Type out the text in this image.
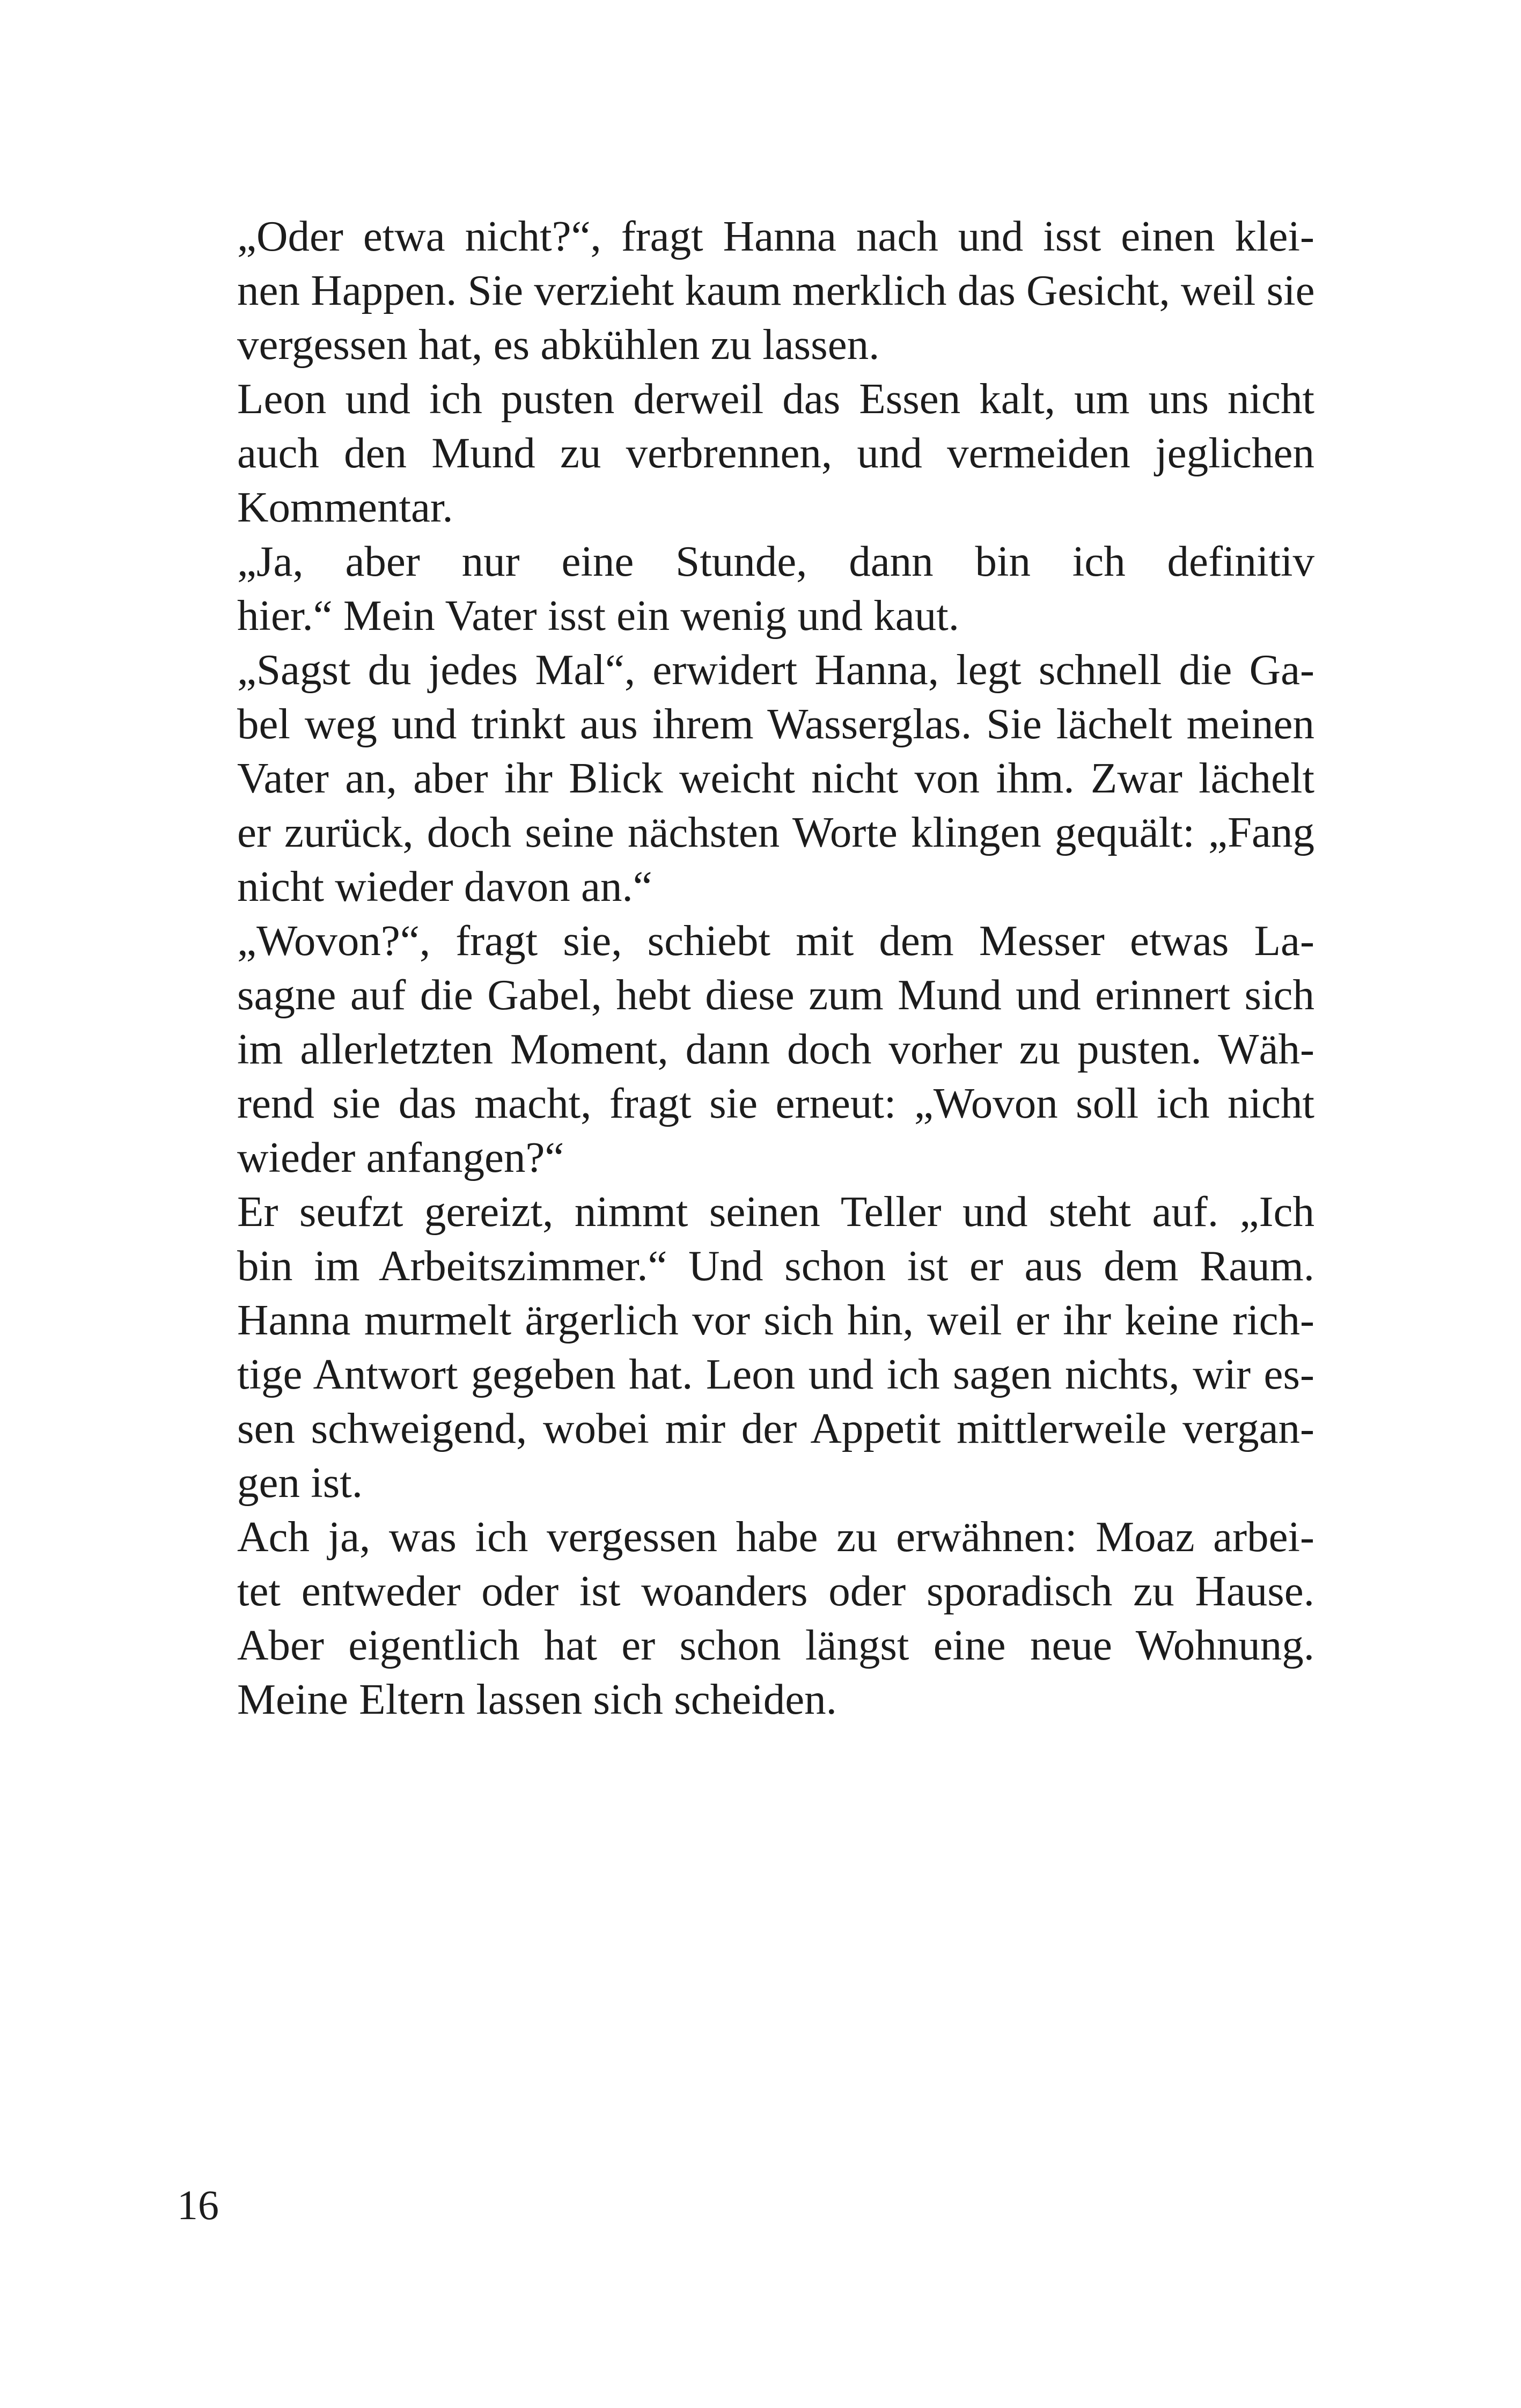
„Oder etwa nicht?“, fragt Hanna nach und isst einen klei-
nen Happen. Sie verzieht kaum merklich das Gesicht, weil sie
vergessen hat, es abkühlen zu lassen.

Leon und ich pusten derweil das Essen kalt, um uns nicht
auch den Mund zu verbrennen, und vermeiden jeglichen
Kommentar.

„Ja, aber nur eine Stunde, dann bin ich definitiv
hier.“ Mein Vater isst ein wenig und kaut.

„Sagst du jedes Mal“, erwidert Hanna, legt schnell die Ga-
bel weg und trinkt aus ihrem Wasserglas. Sie lächelt meinen
Vater an, aber ihr Blick weicht nicht von ihm. Zwar lächelt
er zurück, doch seine nächsten Worte klingen gequält: „Fang
nicht wieder davon an.“

„Wovon?“, fragt sie, schiebt mit dem Messer etwas La-
sagne auf die Gabel, hebt diese zum Mund und erinnert sich
im allerletzten Moment, dann doch vorher zu pusten. Wäh-
rend sie das macht, fragt sie erneut: „Wovon soll ich nicht
wieder anfangen?“

Er seufzt gereizt, nimmt seinen Teller und steht auf. „Ich
bin im Arbeitszimmer.“ Und schon ist er aus dem Raum.
Hanna murmelt ärgerlich vor sich hin, weil er ihr keine rich-
tige Antwort gegeben hat. Leon und ich sagen nichts, wir es-
sen schweigend, wobei mir der Appetit mittlerweile vergan-
gen ist.

Ach ja, was ich vergessen habe zu erwähnen: Moaz arbei-
tet entweder oder ist woanders oder sporadisch zu Hause.
Aber eigentlich hat er schon längst eine neue Wohnung.
Meine Eltern lassen sich scheiden.

16
